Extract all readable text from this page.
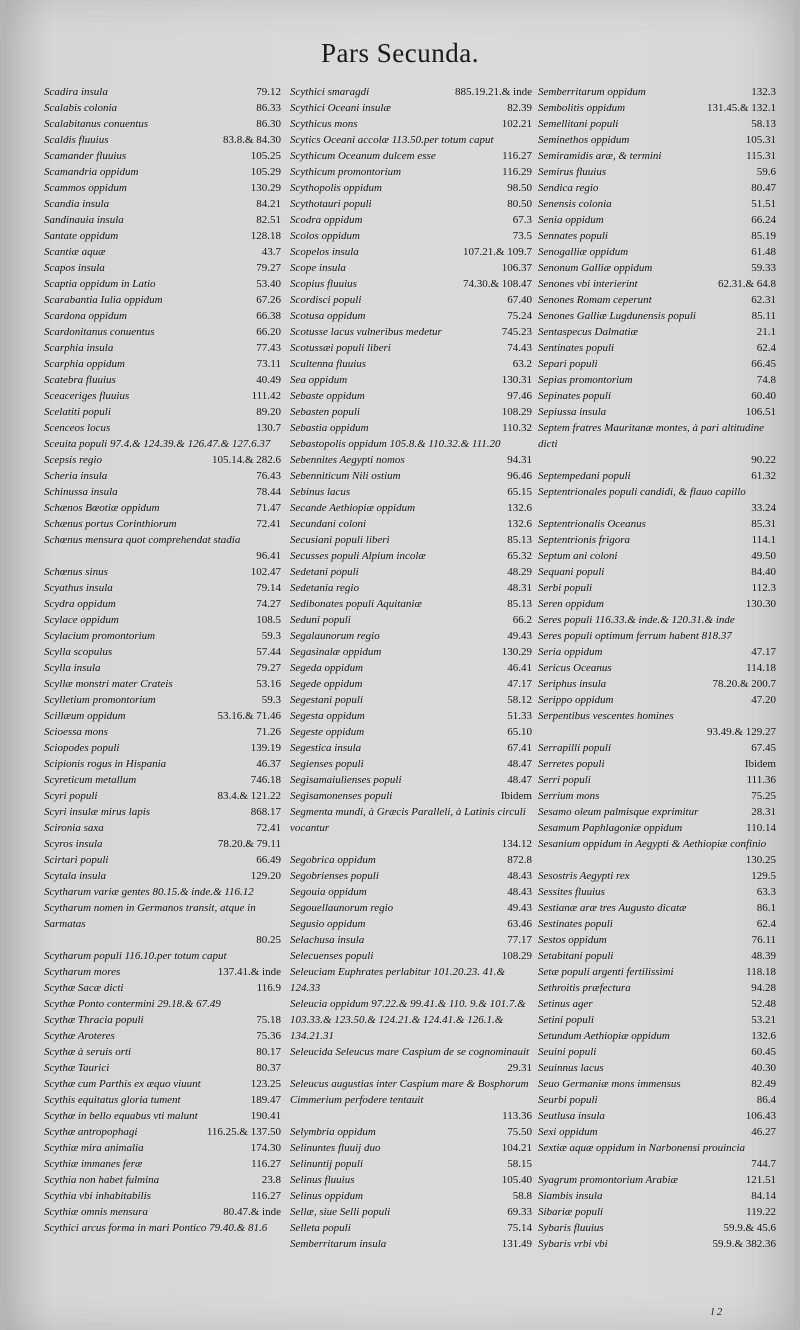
Pars Secunda.
Scadira insula	79.12
Scalabis colonia	86.33
Scalabitanus conuentus	86.30
Scaldis fluuius	83.8.& 84.30
Scamander fluuius	105.25
Scamandria oppidum	105.29
Scammos oppidum	130.29
Scandia insula	84.21
Sandinauia insula	82.51
Santate oppidum	128.18
Scantiæ aquæ	43.7
Scapos insula	79.27
Scaptia oppidum in Latio	53.40
Scarabantia Iulia oppidum	67.26
Scardona oppidum	66.38
Scardonitanus conuentus	66.20
Scarphia insula	77.43
Scarphia oppidum	73.11
Scatebra fluuius	40.49
Sceaceriges fluuius	111.42
Scelatiti populi	89.20
Scenceos locus	130.7
Sceuita populi 97.4.& 124.39.& 126.47.& 127.6.37
Scepsis regio	105.14.& 282.6
Scheria insula	76.43
Schinussa insula	78.44
Schænos Bœotiæ oppidum	71.47
Schænus portus Corinthiorum	72.41
Schœnus mensura quot comprehendat stadia
96.41
Schœnus sinus	102.47
Scyathus insula	79.14
Scydra oppidum	74.27
Scylace oppidum	108.5
Scylacium promontorium	59.3
Scylla scopulus	57.44
Scylla insula	79.27
Scyllæ monstri mater Crateis	53.16
Scylletium promontorium	59.3
Scillæum oppidum	53.16.& 71.46
Scioessa mons	71.26
Sciopodes populi	139.19
Scipionis rogus in Hispania	46.37
Scyreticum metallum	746.18
Scyri populi	83.4.& 121.22
Scyri insulæ mirus lapis	868.17
Scironia saxa	72.41
Scyros insula	78.20.& 79.11
Scirtari populi	66.49
Scytala insula	129.20
Scytharum variæ gentes 80.15.& inde.& 116.12
Scytharum nomen in Germanos transit, atque in Sarmatas
80.25
Scytharum populi 116.10.per totum caput
Scytharum mores	137.41.& inde
Scythæ Sacæ dicti	116.9
Scythæ Ponto contermini 29.18.& 67.49
Scythæ Thracia populi	75.18
Scythæ Aroteres	75.36
Scythæ à seruis orti	80.17
Scythæ Taurici	80.37
Scythæ cum Parthis ex æquo viuunt	123.25
Scythis equitatus gloria tument	189.47
Scythæ in bello equabus vti malunt	190.41
Scythæ antropophagi	116.25.& 137.50
Scythiæ mira animalia	174.30
Scythiæ immanes feræ	116.27
Scythia non habet fulmina	23.8
Scythia vbi inhabitabilis	116.27
Scythiæ omnis mensura	80.47.& inde
Scythici arcus forma in mari Pontico 79.40.& 81.6
Scythici smaragdi	885.19.21.& inde
Scythici Oceani insulæ	82.39
Scythicus mons	102.21
Scytics Oceani accolæ 113.50.per totum caput
Scythicum Oceanum dulcem esse	116.27
Scythicum promontorium	116.29
Scythopolis oppidum	98.50
Scythotauri populi	80.50
Scodra oppidum	67.3
Scolos oppidum	73.5
Scopelos insula	107.21.& 109.7
Scope insula	106.37
Scopius fluuius	74.30.& 108.47
Scordisci populi	67.40
Scotusa oppidum	75.24
Scotusse lacus vulneribus medetur	745.23
Scotussæi populi liberi	74.43
Scultenna fluuius	63.2
Sea oppidum	130.31
Sebaste oppidum	97.46
Sebasten populi	108.29
Sebastia oppidum	110.32
Sebastopolis oppidum 105.8.& 110.32.& 111.20
Sebennites Aegypti nomos	94.31
Sebenniticum Nili ostium	96.46
Sebinus lacus	65.15
Secande Aethiopiæ oppidum	132.6
Secundani coloni	132.6
Secusiani populi liberi	85.13
Secusses populi Alpium incolæ	65.32
Sedetani populi	48.29
Sedetania regio	48.31
Sedibonates populi Aquitaniæ	85.13
Seduni populi	66.2
Segalaunorum regio	49.43
Segasinalæ oppidum	130.29
Segeda oppidum	46.41
Segede oppidum	47.17
Segestani populi	58.12
Segesta oppidum	51.33
Segeste oppidum	65.10
Segestica insula	67.41
Segienses populi	48.47
Segisamaiulienses populi	48.47
Segisamonenses populi	Ibidem
Segmenta mundi, à Græcis Paralleli, à Latinis circuli vocantur
134.12
Segobrica oppidum	872.8
Segobrienses populi	48.43
Segouia oppidum	48.43
Segouellaunorum regio	49.43
Segusio oppidum	63.46
Selachusa insula	77.17
Selecuenses populi	108.29
Seleuciam Euphrates perlabitur 101.20.23. 41.& 124.33
Seleucia oppidum 97.22.& 99.41.& 110. 9.& 101.7.& 103.33.& 123.50.& 124.21.& 124.41.& 126.1.& 134.21.31
Seleucida Seleucus mare Caspium de se cognominauit
29.31
Seleucus augustias inter Caspium mare & Bosphorum Cimmerium perfodere tentauit
113.36
Selymbria oppidum	75.50
Selinuntes fluuij duo	104.21
Selinuntij populi	58.15
Selinus fluuius	105.40
Selinus oppidum	58.8
Sellæ, siue Selli populi	69.33
Selleta populi	75.14
Semberritarum insula	131.49
Semberritarum oppidum	132.3
Sembolitis oppidum	131.45.& 132.1
Semellitani populi	58.13
Seminethos oppidum	105.31
Semiramidis aræ, & termini	115.31
Semirus fluuius	59.6
Sendica regio	80.47
Senensis colonia	51.51
Senia oppidum	66.24
Sennates populi	85.19
Senogalliæ oppidum	61.48
Senonum Galliæ oppidum	59.33
Senones vbi interierint	62.31.& 64.8
Senones Romam ceperunt	62.31
Senones Galliæ Lugdunensis populi	85.11
Sentaspecus Dalmatiæ	21.1
Sentinates populi	62.4
Separi populi	66.45
Sepias promontorium	74.8
Sepinates populi	60.40
Sepiussa insula	106.51
Septem fratres Mauritanæ montes, à pari altitudine dicti
90.22
Septempedani populi	61.32
Septentrionales populi candidi, & flauo capillo
33.24
Septentrionalis Oceanus	85.31
Septentrionis frigora	114.1
Septum ani coloni	49.50
Sequani populi	84.40
Serbi populi	112.3
Seren oppidum	130.30
Seres populi 116.33.& inde.& 120.31.& inde
Seres populi optimum ferrum habent 818.37
Seria oppidum	47.17
Sericus Oceanus	114.18
Seriphus insula	78.20.& 200.7
Serippo oppidum	47.20
Serpentibus vescentes homines
93.49.& 129.27
Serrapilli populi	67.45
Serretes populi	Ibidem
Serri populi	111.36
Serrium mons	75.25
Sesamo oleum palmisque exprimitur	28.31
Sesamum Paphlagoniæ oppidum	110.14
Sesanium oppidum in Aegypti & Aethiopiæ confinio
130.25
Sesostris Aegypti rex	129.5
Sessites fluuius	63.3
Sestianæ aræ tres Augusto dicatæ	86.1
Sestinates populi	62.4
Sestos oppidum	76.11
Setabitani populi	48.39
Setæ populi argenti fertilissimi	118.18
Sethroitis præfectura	94.28
Setinus ager	52.48
Setini populi	53.21
Setundum Aethiopiæ oppidum	132.6
Seuini populi	60.45
Seuinnus lacus	40.30
Seuo Germaniæ mons immensus	82.49
Seurbi populi	86.4
Seutlusa insula	106.43
Sexi oppidum	46.27
Sextiæ aquæ oppidum in Narbonensi prouincia
744.7
Syagrum promontorium Arabiæ	121.51
Siambis insula	84.14
Sibariæ populi	119.22
Sybaris fluuius	59.9.& 45.6
Sybaris vrbi vbi	59.9.& 382.36
l 2
